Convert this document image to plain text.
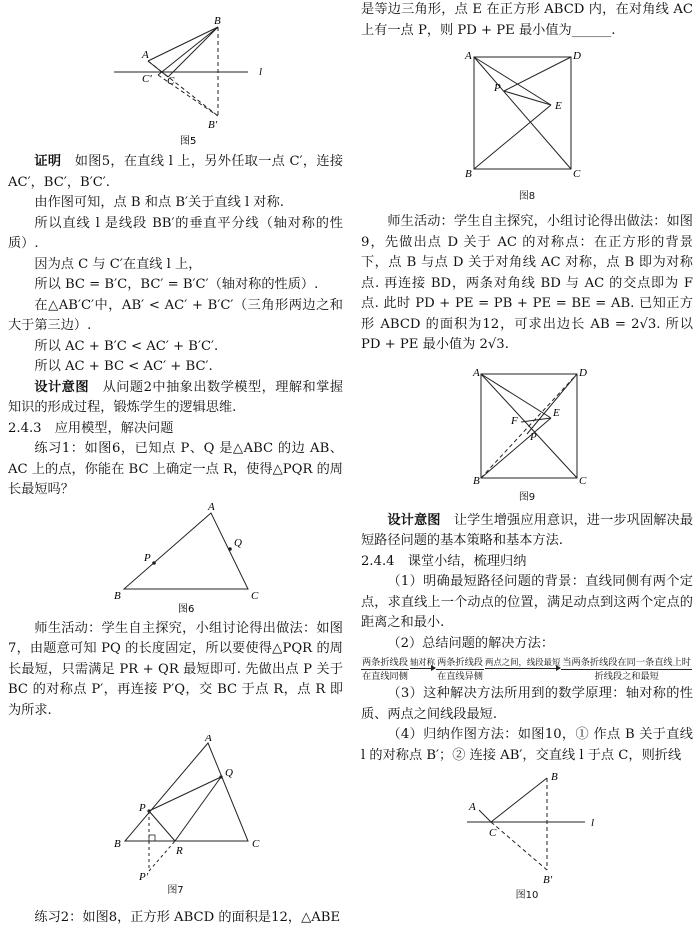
A
B
C′ C
B′
l
图5

证明　 如图5，在直线 l 上，另外任取一点 C′，连接 AC′，BC′，B′C′.

由作图可知，点 B 和点 B′关于直线 l 对称.

所以直线 l 是线段 BB′的垂直平分线（轴对称的性质）.

因为点 C 与 C′在直线 l 上，

所以 BC = B′C，BC′ = B′C′（轴对称的性质）.

在△AB′C′中，AB′ < AC′ + B′C′（三角形两边之和大于第三边）.

所以 AC + B′C < AC′ + B′C′.

所以 AC + BC < AC′ + BC′.

设计意图　 从问题2中抽象出数学模型，理解和掌握知识的形成过程，锻炼学生的逻辑思维.

2.4.3　应用模型，解决问题

练习1：如图6，已知点 P、Q 是△ABC 的边 AB、AC 上的点，你能在 BC 上确定一点 R，使得△PQR 的周长最短吗？

A
B	C
P
Q
图6

师生活动：学生自主探究，小组讨论得出做法：如图7，由题意可知 PQ 的长度固定，所以要使得△PQR 的周长最短，只需满足 PR + QR 最短即可. 先做出点 P 关于 BC 的对称点 P′，再连接 P′Q，交 BC 于点 R，点 R 即为所求.

A
B	C
P
Q
R
P′

图7

练习2：如图8，正方形 ABCD 的面积是12，△ABE

是等边三角形，点 E 在正方形 ABCD 内，在对角线 AC 上有一点 P，则 PD + PE 最小值为______.

A
B	C
D
E
P

图8

师生活动：学生自主探究，小组讨论得出做法：如图9，先做出点 D 关于 AC 的对称点：在正方形的背景下，点 B 与点 D 关于对角线 AC 对称，点 B 即为对称点. 再连接 BD，两条对角线 BD 与 AC 的交点即为 F 点. 此时 PD + PE = PB + PE = BE = AB. 已知正方形 ABCD 的面积为12，可求出边长 AB = 2√3. 所以 PD + PE 最小值为 2√3.

A
B	C
D
E
F
P

图9

设计意图　 让学生增强应用意识，进一步巩固解决最短路径问题的基本策略和基本方法.

2.4.4　课堂小结，梳理归纳

（1）明确最短路径问题的背景：直线同侧有两个定点，求直线上一个动点的位置，满足动点到这两个定点的距离之和最小.

（2）总结问题的解决方法：

两条折线段
在直线同侧
轴对称 两条折线段
在直线异侧
两点之间，线段最短 当两条折线段在同一条直线上时
折线段之和最短

（3）这种解决方法所用到的数学原理：轴对称的性质、两点之间线段最短.

（4）归纳作图方法：如图10，① 作点 B 关于直线 l 的对称点 B′；② 连接 AB′，交直线 l 于点 C，则折线

A
B
C
B′
l

图10
